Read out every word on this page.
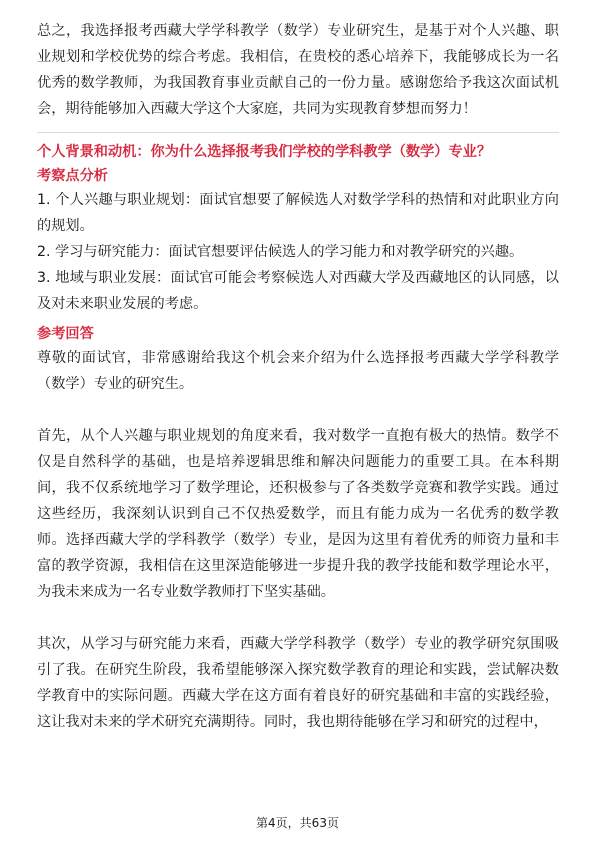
总之，我选择报考西藏大学学科教学（数学）专业研究生，是基于对个人兴趣、职业规划和学校优势的综合考虑。我相信，在贵校的悉心培养下，我能够成长为一名优秀的数学教师，为我国教育事业贡献自己的一份力量。感谢您给予我这次面试机会，期待能够加入西藏大学这个大家庭，共同为实现教育梦想而努力！

个人背景和动机：你为什么选择报考我们学校的学科教学（数学）专业？

考察点分析

1. 个人兴趣与职业规划：面试官想要了解候选人对数学学科的热情和对此职业方向的规划。

2. 学习与研究能力：面试官想要评估候选人的学习能力和对教学研究的兴趣。

3. 地域与职业发展：面试官可能会考察候选人对西藏大学及西藏地区的认同感，以及对未来职业发展的考虑。

参考回答

尊敬的面试官，非常感谢给我这个机会来介绍为什么选择报考西藏大学学科教学（数学）专业的研究生。

首先，从个人兴趣与职业规划的角度来看，我对数学一直抱有极大的热情。数学不仅是自然科学的基础，也是培养逻辑思维和解决问题能力的重要工具。在本科期间，我不仅系统地学习了数学理论，还积极参与了各类数学竞赛和教学实践。通过这些经历，我深刻认识到自己不仅热爱数学，而且有能力成为一名优秀的数学教师。选择西藏大学的学科教学（数学）专业，是因为这里有着优秀的师资力量和丰富的教学资源，我相信在这里深造能够进一步提升我的教学技能和数学理论水平，为我未来成为一名专业数学教师打下坚实基础。

其次，从学习与研究能力来看，西藏大学学科教学（数学）专业的教学研究氛围吸引了我。在研究生阶段，我希望能够深入探究数学教育的理论和实践，尝试解决数学教育中的实际问题。西藏大学在这方面有着良好的研究基础和丰富的实践经验，这让我对未来的学术研究充满期待。同时，我也期待能够在学习和研究的过程中，

第4页，共63页
